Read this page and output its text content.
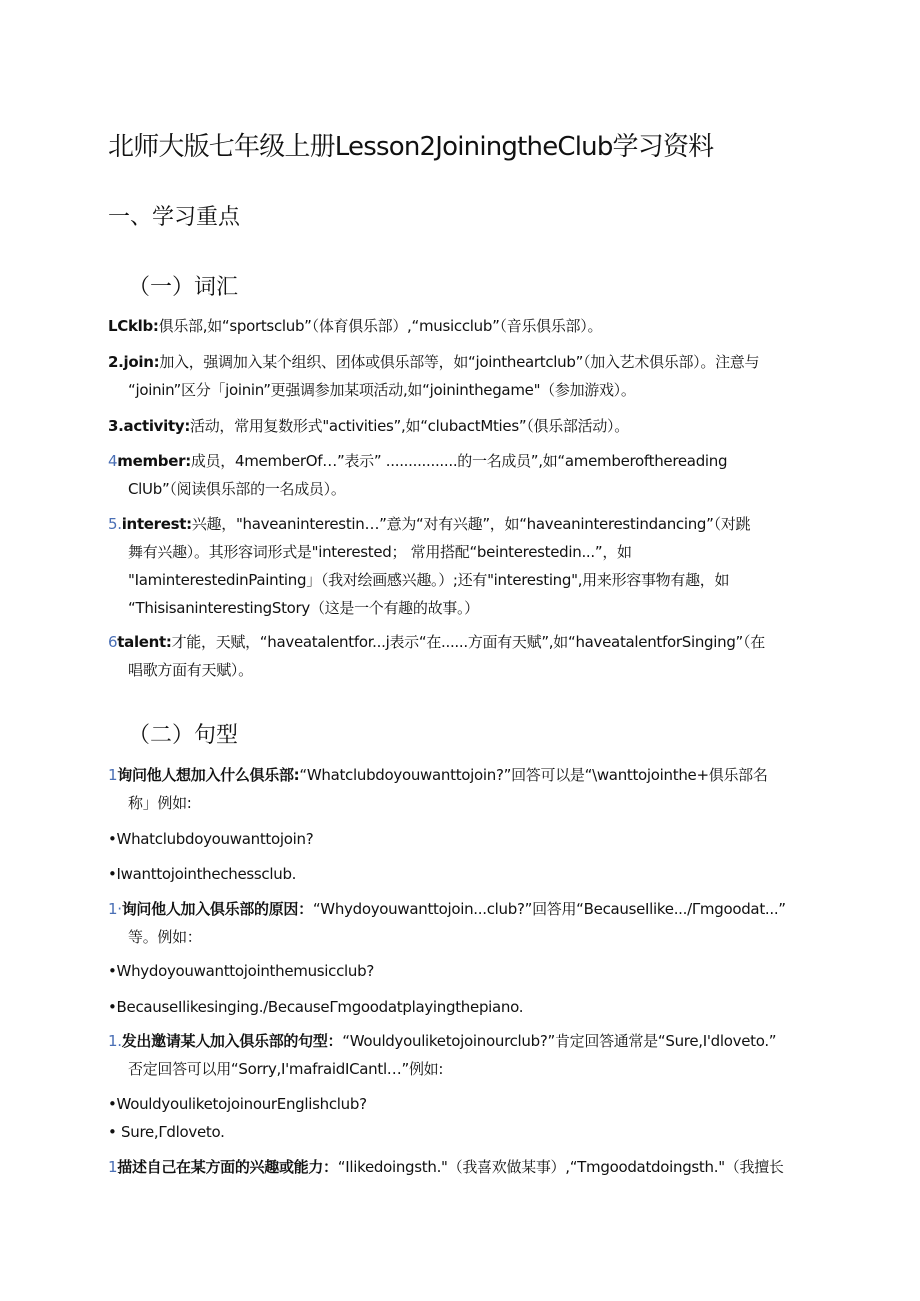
北师大版七年级上册Lesson2JoiningtheClub学习资料
一、学习重点
（一）词汇
LCklb:俱乐部,如“sportsclub”（体育俱乐部）,“musicclub”（音乐俱乐部）。
2.join:加入，强调加入某个组织、团体或俱乐部等，如“jointheartclub”（加入艺术俱乐部）。注意与
“joinin”区分「joinin”更强调参加某项活动,如“joininthegame"（参加游戏）。
3.activity:活动，常用复数形式"activities”,如“clubactMties”（俱乐部活动）。
4member:成员，4memberOf…”表示” ................的一名成员”,如“amemberofthereading
ClUb”（阅读俱乐部的一名成员）。
5.interest:兴趣，"haveaninterestin…”意为“对有兴趣”，如“haveaninterestindancing”（对跳
舞有兴趣）。其形容词形式是"interested； 常用搭配“beinterestedin...”，如
"IaminterestedinPainting」（我对绘画感兴趣。）;还有"interesting",用来形容事物有趣，如
“ThisisaninterestingStory（这是一个有趣的故事。）
6talent:才能，天赋，“haveatalentfor...j表示“在......方面有天赋”,如“haveatalentforSinging”（在
唱歌方面有天赋）。
（二）句型
1询问他人想加入什么俱乐部:“Whatclubdoyouwanttojoin?”回答可以是“\wanttojointhe+俱乐部名
称」例如:
•Whatclubdoyouwanttojoin?
•Iwanttojointhechessclub.
1·询问他人加入俱乐部的原因：“Whydoyouwanttojoin...club?”回答用“BecauseIlike.../Γmgoodat...”
等。例如：
•Whydoyouwanttojointhemusicclub?
•BecauseIlikesinging./BecauseΓmgoodatplayingthepiano.
1.发出邀请某人加入俱乐部的句型：“Wouldyouliketojoinourclub?”肯定回答通常是“Sure,I'dloveto.”
否定回答可以用“Sorry,I'mafraidICantl…”例如:
•WouldyouliketojoinourEnglishclub?
• Sure,Γdloveto.
1描述自己在某方面的兴趣或能力：“Ilikedoingsth."（我喜欢做某事）,“Tmgoodatdoingsth."（我擅长
